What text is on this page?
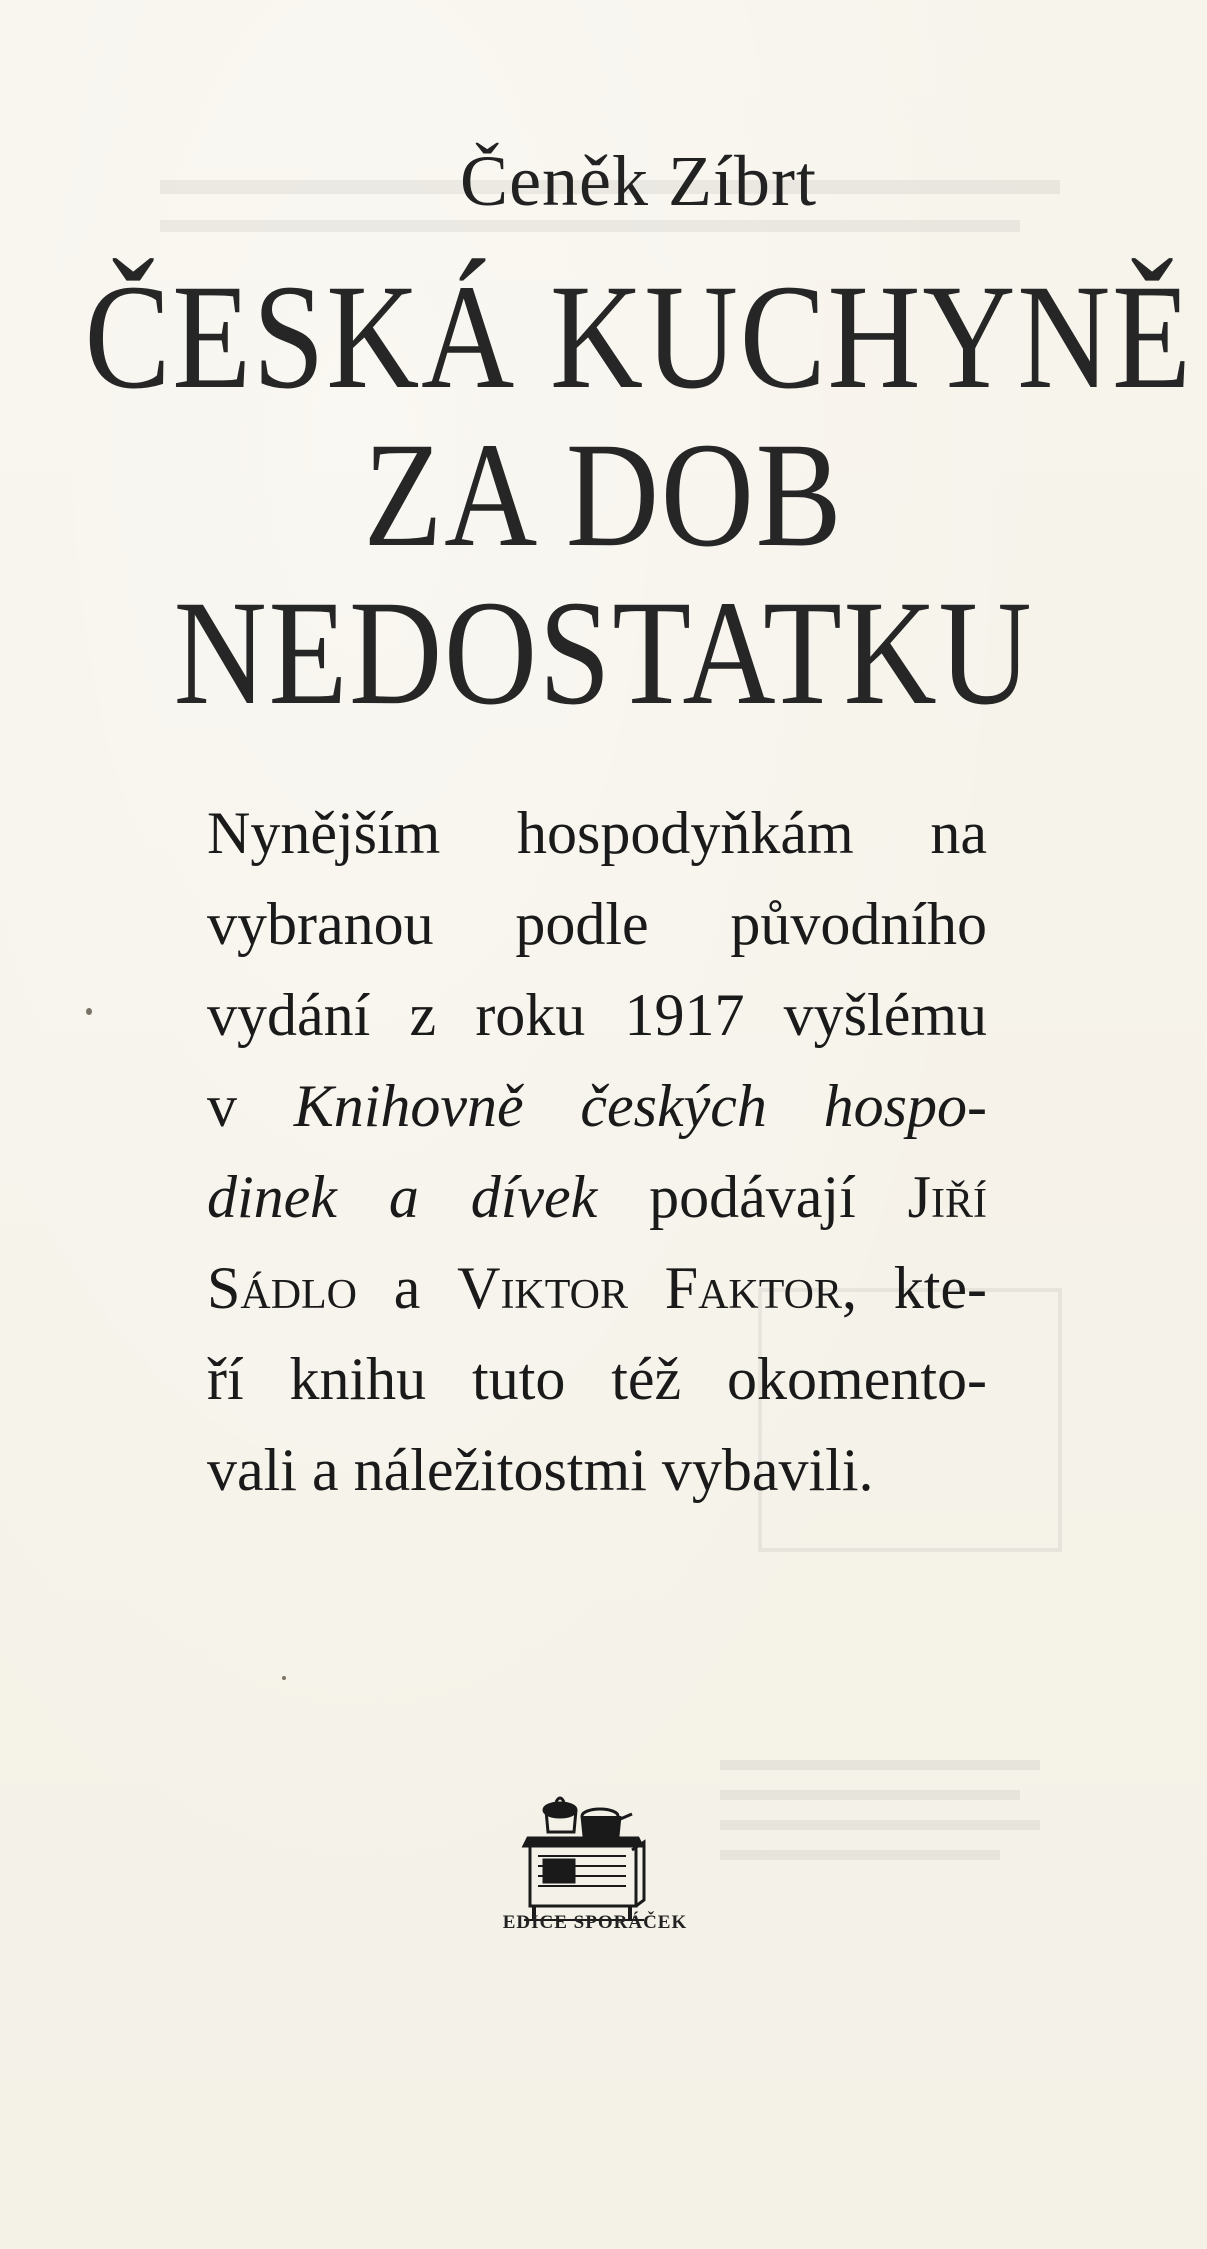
Čeněk Zíbrt
ČESKÁ KUCHYNĚ
ZA DOB
NEDOSTATKU
Nynějším hospodyňkám na
vybranou podle původního
vydání z roku 1917 vyšlému
v Knihovně českých hospo-
dinek a dívek podávají Jiří
Sádlo a Viktor Faktor, kte-
ří knihu tuto též okomento-
vali a náležitostmi vybavili.
EDICE SPORÁČEK
